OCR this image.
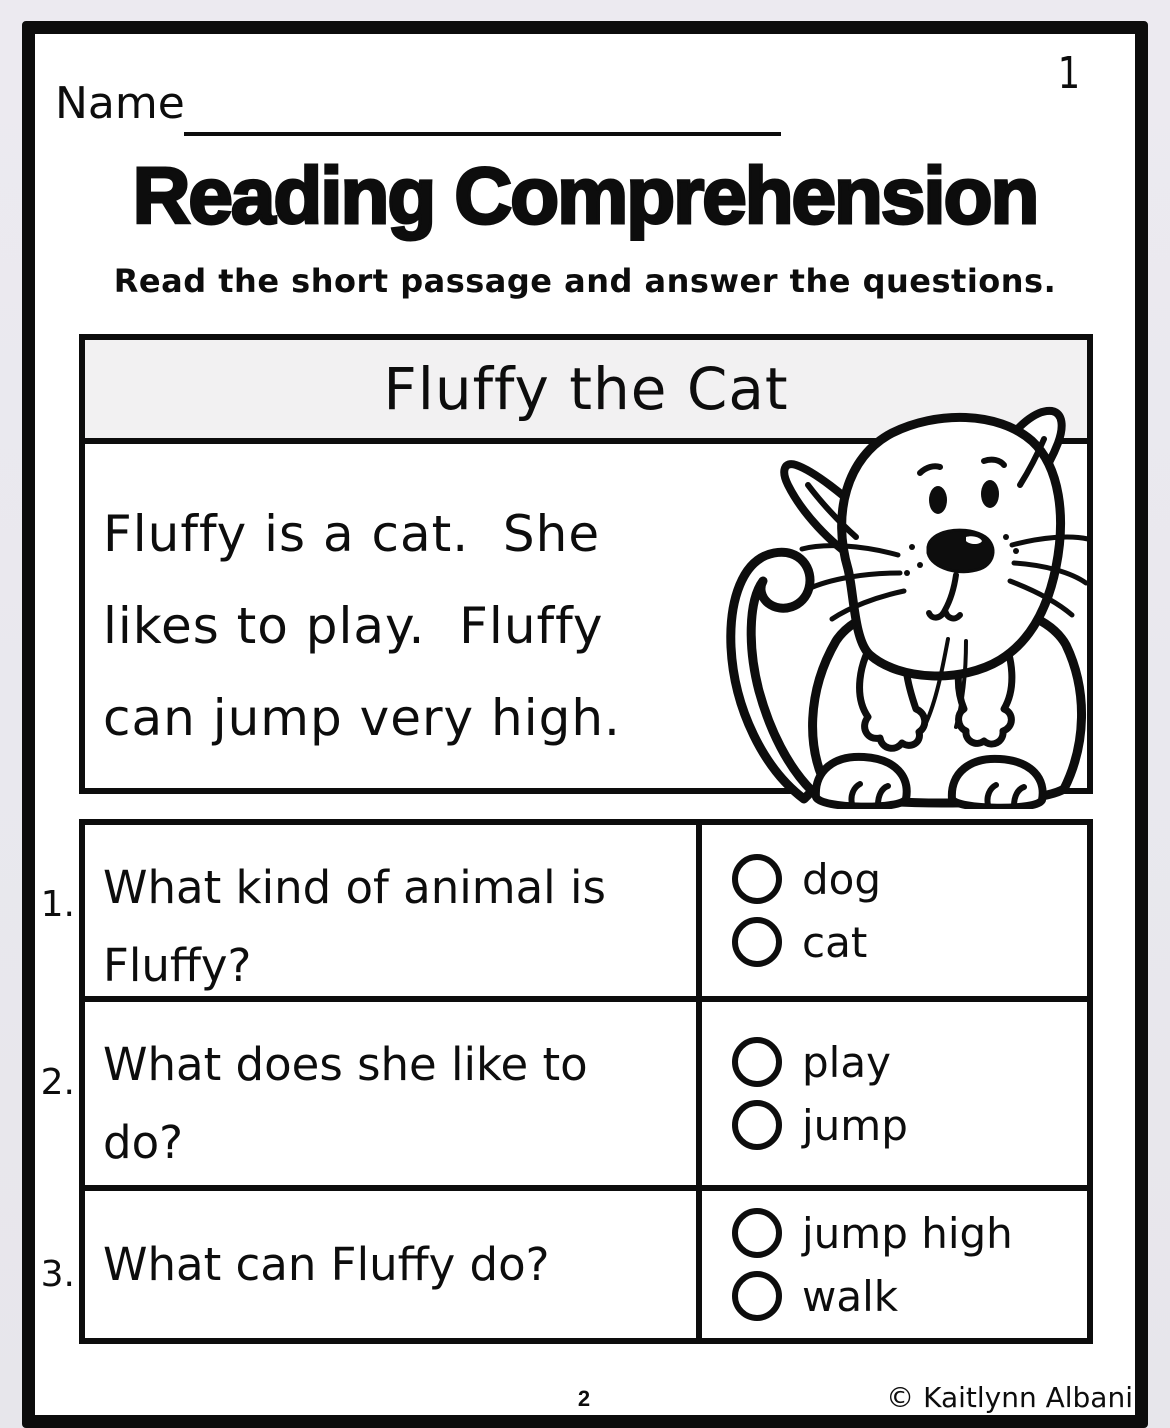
1
Name
Reading Comprehension
Read the short passage and answer the questions.
Fluffy the Cat
Fluffy is a cat.  She
likes to play.  Fluffy
can jump very high.
1.
2.
3.
What kind of animal is
Fluffy?
dog
cat
What does she like to
do?
play
jump
What can Fluffy do?
jump high
walk
2	© Kaitlynn Albani
